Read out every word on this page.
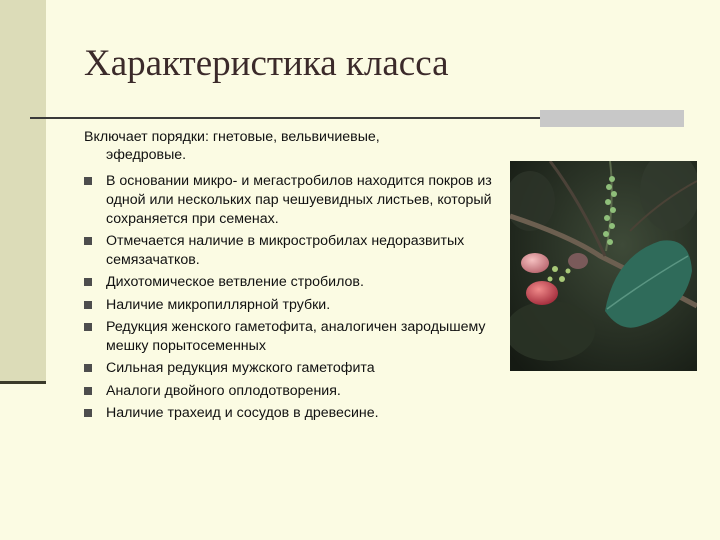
Характеристика класса
Включает порядки: гнетовые, вельвичиевые,
эфедровые.
В основании микро- и мегастробилов находится покров из одной или нескольких пар чешуевидных листьев, который сохраняется при семенах.
Отмечается наличие в микростробилах недоразвитых семязачатков.
Дихотомическое ветвление стробилов.
Наличие микропиллярной трубки.
Редукция женского гаметофита, аналогичен зародышему мешку порытосеменных
Сильная редукция мужского гаметофита
Аналоги двойного оплодотворения.
Наличие трахеид и сосудов в древесине.
